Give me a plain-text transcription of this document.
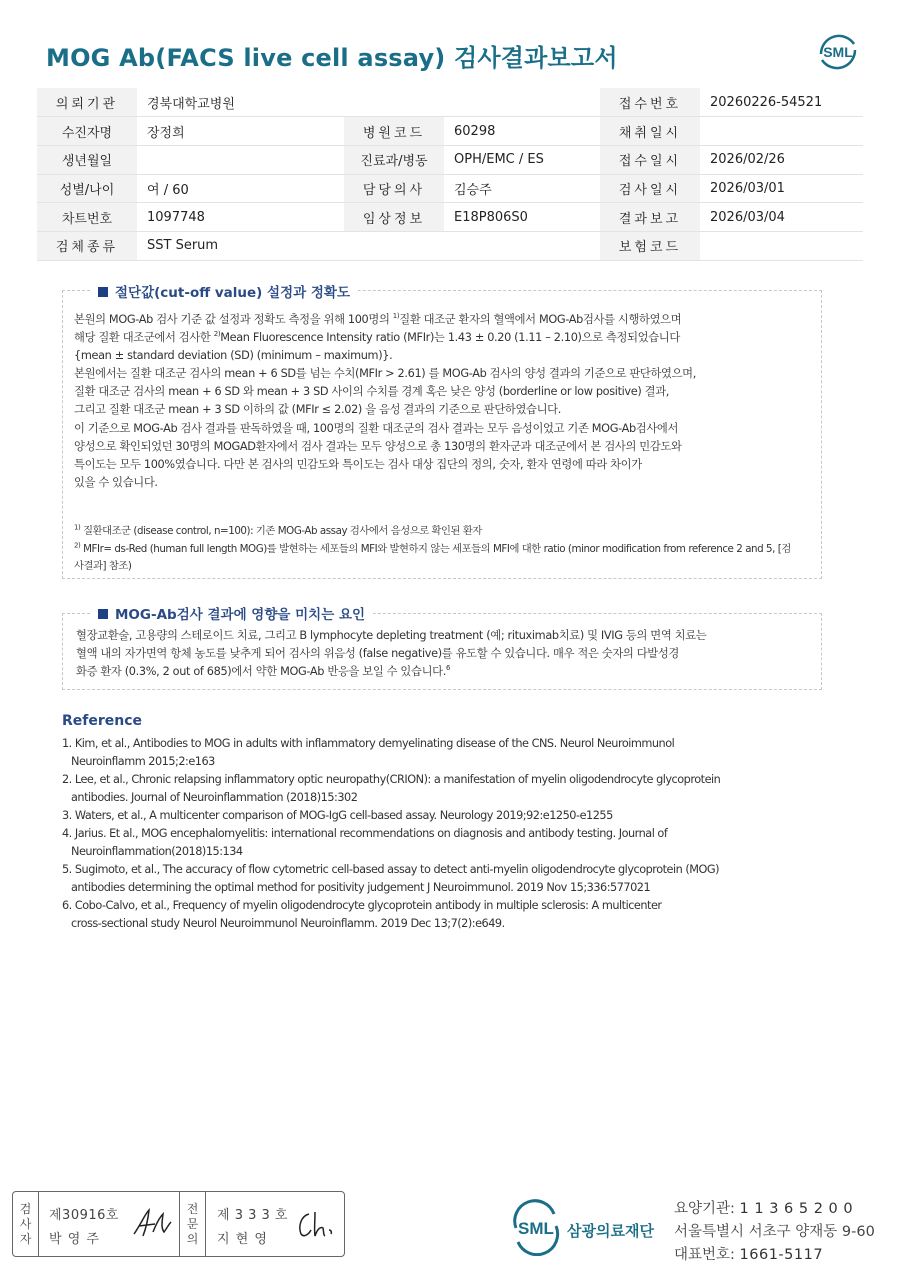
MOG Ab(FACS live cell assay) 검사결과보고서	SML
의뢰기관	경북대학교병원			접수번호	20260226-54521
수진자명	장정희	병원코드	60298	채취일시	
생년월일		진료과/병동	OPH/EMC / ES	접수일시	2026/02/26
성별/나이	여 / 60	담당의사	김승주	검사일시	2026/03/01
차트번호	1097748	임상정보	E18P806S0	결과보고	2026/03/04
검체종류	SST Serum			보험코드	
절단값(cut-off value) 설정과 정확도

본원의 MOG-Ab 검사 기준 값 설정과 정확도 측정을 위해 100명의 $^{1)}$질환 대조군 환자의 혈액에서 MOG-Ab검사를 시행하였으며

해당 질환 대조군에서 검사한 $^{2)}$Mean Fluorescence Intensity ratio (MFIr)는 1.43 ± 0.20 (1.11 – 2.10)으로 측정되었습니다

{mean ± standard deviation (SD) (minimum – maximum)}.

본원에서는 질환 대조군 검사의 mean + 6 SD를 넘는 수치(MFIr > 2.61) 를 MOG-Ab 검사의 양성 결과의 기준으로 판단하였으며,

질환 대조군 검사의 mean + 6 SD 와 mean + 3 SD 사이의 수치를 경계 혹은 낮은 양성 (borderline or low positive) 결과,

그리고 질환 대조군 mean + 3 SD 이하의 값 (MFIr ≤ 2.02) 을 음성 결과의 기준으로 판단하였습니다.

이 기준으로 MOG-Ab 검사 결과를 판독하였을 때, 100명의 질환 대조군의 검사 결과는 모두 음성이었고 기존 MOG-Ab검사에서

양성으로 확인되었던 30명의 MOGAD환자에서 검사 결과는 모두 양성으로 총 130명의 환자군과 대조군에서 본 검사의 민감도와

특이도는 모두 100%였습니다. 다만 본 검사의 민감도와 특이도는 검사 대상 집단의 정의, 숫자, 환자 연령에 따라 차이가

있을 수 있습니다.

$^{1)}$ 질환대조군 (disease control, n=100): 기존 MOG-Ab assay 검사에서 음성으로 확인된 환자

$^{2)}$ MFIr= ds-Red (human full length MOG)를 발현하는 세포들의 MFI와 발현하지 않는 세포들의 MFI에 대한 ratio (minor modification from reference 2 and 5, [검

사결과] 참조)

MOG-Ab검사 결과에 영향을 미치는 요인

혈장교환술, 고용량의 스테로이드 치료, 그리고 B lymphocyte depleting treatment (예; rituximab치료) 및 IVIG 등의 면역 치료는

혈액 내의 자가면역 항체 농도를 낮추게 되어 검사의 위음성 (false negative)를 유도할 수 있습니다. 매우 적은 숫자의 다발성경

화증 환자 (0.3%, 2 out of 685)에서 약한 MOG-Ab 반응을 보일 수 있습니다.$^6$

Reference

1. Kim, et al., Antibodies to MOG in adults with inflammatory demyelinating disease of the CNS. Neurol Neuroimmunol

Neuroinflamm 2015;2:e163

2. Lee, et al., Chronic relapsing inflammatory optic neuropathy(CRION): a manifestation of myelin oligodendrocyte glycoprotein

antibodies. Journal of Neuroinflammation (2018)15:302

3. Waters, et al., A multicenter comparison of MOG-IgG cell-based assay. Neurology 2019;92:e1250-e1255

4. Jarius. Et al., MOG encephalomyelitis: international recommendations on diagnosis and antibody testing. Journal of

Neuroinflammation(2018)15:134

5. Sugimoto, et al., The accuracy of flow cytometric cell-based assay to detect anti-myelin oligodendrocyte glycoprotein (MOG)

antibodies determining the optimal method for positivity judgement J Neuroimmunol. 2019 Nov 15;336:577021

6. Cobo-Calvo, et al., Frequency of myelin oligodendrocyte glycoprotein antibody in multiple sclerosis: A multicenter

cross-sectional study Neurol Neuroimmunol Neuroinflamm. 2019 Dec 13;7(2):e649.

검
사
자
제30916호
박 영 주
전
문
의
제 3 3 3 호
지 현 영
SML 삼광의료재단

요양기관: 1 1 3 6 5 2 0 0

서울특별시 서초구 양재동 9-60

대표번호: 1661-5117
